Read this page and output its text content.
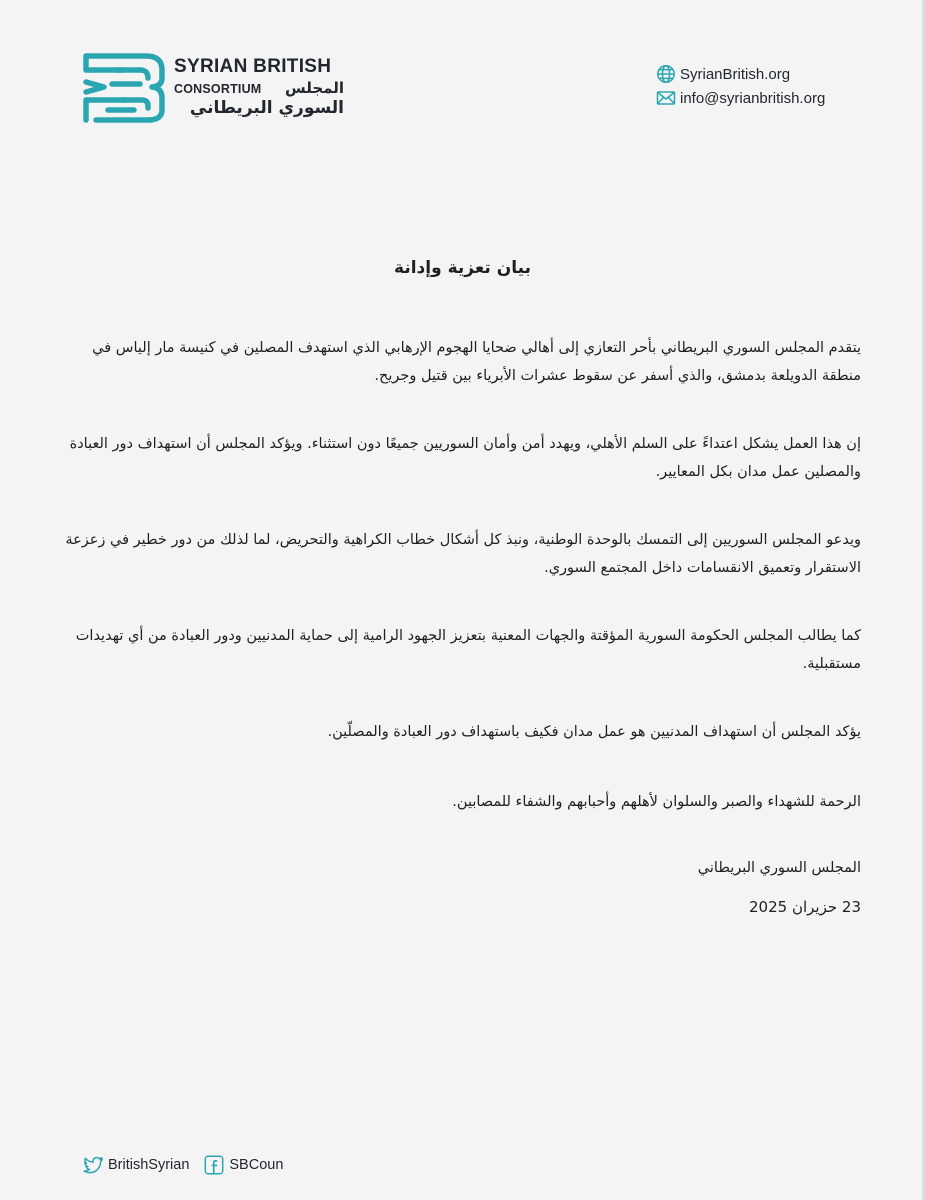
SYRIAN BRITISH
CONSORTIUM المجلس
السوري البريطاني
SyrianBritish.org
info@syrianbritish.org
بيان تعزية وإدانة

يتقدم المجلس السوري البريطاني بأحر التعازي إلى أهالي ضحايا الهجوم الإرهابي الذي استهدف المصلين في كنيسة مار إلياس في منطقة الدويلعة بدمشق، والذي أسفر عن سقوط عشرات الأبرياء بين قتيل وجريح.

إن هذا العمل يشكل اعتداءً على السلم الأهلي، ويهدد أمن وأمان السوريين جميعًا دون استثناء. ويؤكد المجلس أن استهداف دور العبادة والمصلين عمل مدان بكل المعايير.

ويدعو المجلس السوريين إلى التمسك بالوحدة الوطنية، ونبذ كل أشكال خطاب الكراهية والتحريض، لما لذلك من دور خطير في زعزعة الاستقرار وتعميق الانقسامات داخل المجتمع السوري.

كما يطالب المجلس الحكومة السورية المؤقتة والجهات المعنية بتعزيز الجهود الرامية إلى حماية المدنيين ودور العبادة من أي تهديدات مستقبلية.

يؤكد المجلس أن استهداف المدنيين هو عمل مدان فكيف باستهداف دور العبادة والمصلّين.

الرحمة للشهداء والصبر والسلوان لأهلهم وأحبابهم والشفاء للمصابين.

المجلس السوري البريطاني
23 حزيران 2025
BritishSyrian	SBCoun
